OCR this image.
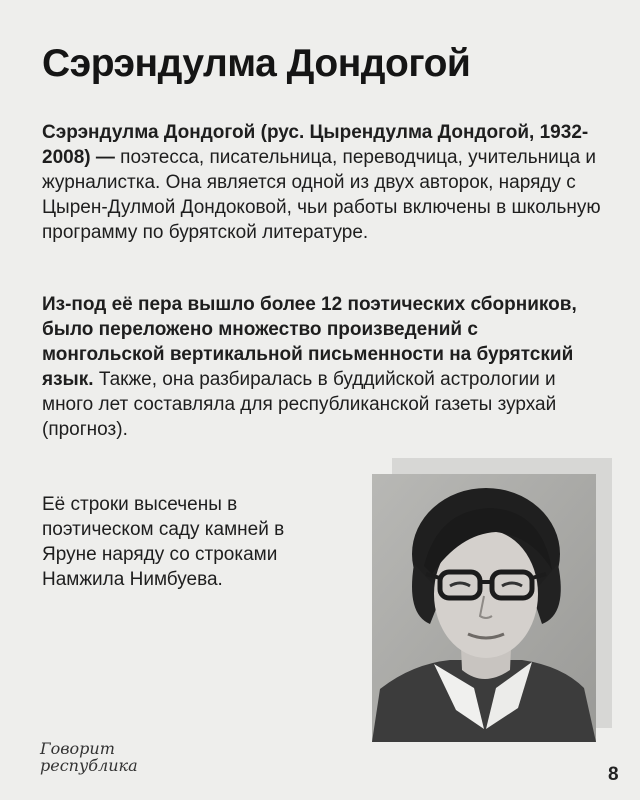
Сэрэндулма Дондогой

Сэрэндулма Дондогой (рус. Цырендулма Дондогой, 1932-2008) — поэтесса, писательница, переводчица, учительница и журналистка. Она является одной из двух авторок, наряду с Цырен-Дулмой Дондоковой, чьи работы включены в школьную программу по бурятской литературе.

Из-под её пера вышло более 12 поэтических сборников, было переложено множество произведений с монгольской вертикальной письменности на бурятский язык. Также, она разбиралась в буддийской астрологии и много лет составляла для республиканской газеты зурхай (прогноз).

Её строки высечены в поэтическом саду камней в Яруне наряду со строками Намжила Нимбуева.

Говорит
республика	8
